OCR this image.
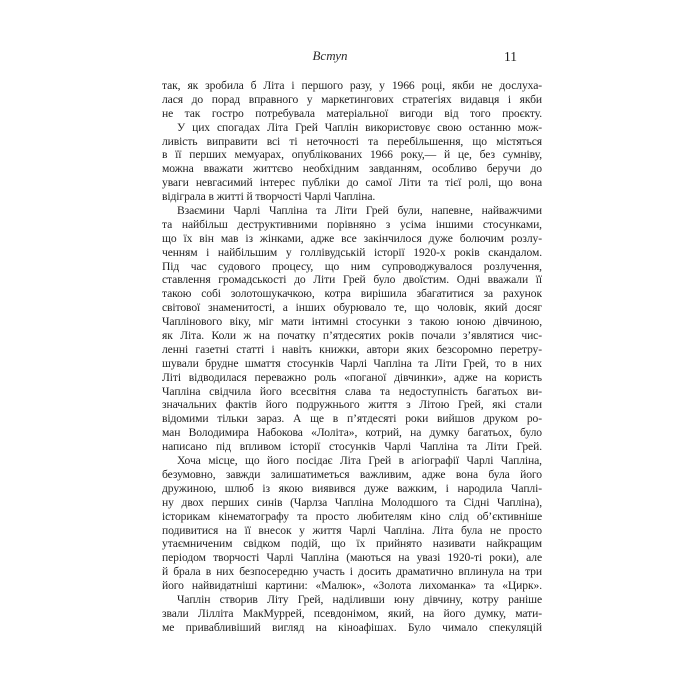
Вступ	11
так, як зробила б Літа і першого разу, у 1966 році, якби не дослуха-
лася до порад вправного у маркетингових стратегіях видавця і якби
не так гостро потребувала матеріальної вигоди від того проєкту.
У цих спогадах Літа Грей Чаплін використовує свою останню мож-
ливість виправити всі ті неточності та перебільшення, що містяться
в її перших мемуарах, опублікованих 1966 року,— й це, без сумніву,
можна вважати життєво необхідним завданням, особливо беручи до
уваги невгасимий інтерес публіки до самої Літи та тієї ролі, що вона
відіграла в житті й творчості Чарлі Чапліна.
Взаємини Чарлі Чапліна та Літи Грей були, напевне, найважчими
та найбільш деструктивними порівняно з усіма іншими стосунками,
що їх він мав із жінками, адже все закінчилося дуже болючим розлу-
ченням і найбільшим у голлівудській історії 1920-х років скандалом.
Під час судового процесу, що ним супроводжувалося розлучення,
ставлення громадськості до Літи Грей було двоїстим. Одні вважали її
такою собі золотошукачкою, котра вирішила збагатитися за рахунок
світової знаменитості, а інших обурювало те, що чоловік, який досяг
Чаплінового віку, міг мати інтимні стосунки з такою юною дівчиною,
як Літа. Коли ж на початку п’ятдесятих років почали з’являтися чис-
ленні газетні статті і навіть книжки, автори яких безсоромно перетру-
шували брудне шмаття стосунків Чарлі Чапліна та Літи Грей, то в них
Літі відводилася переважно роль «поганої дівчинки», адже на користь
Чапліна свідчила його всесвітня слава та недоступність багатьох ви-
значальних фактів його подружнього життя з Літою Грей, які стали
відомими тільки зараз. А ще в п’ятдесяті роки вийшов друком ро-
ман Володимира Набокова «Лоліта», котрий, на думку багатьох, було
написано під впливом історії стосунків Чарлі Чапліна та Літи Грей.
Хоча місце, що його посідає Літа Грей в агіографії Чарлі Чапліна,
безумовно, завжди залишатиметься важливим, адже вона була його
дружиною, шлюб із якою виявився дуже важким, і народила Чаплі-
ну двох перших синів (Чарлза Чапліна Молодшого та Сідні Чапліна),
історикам кінематографу та просто любителям кіно слід об’єктивніше
подивитися на її внесок у життя Чарлі Чапліна. Літа була не просто
утаємниченим свідком подій, що їх прийнято називати найкращим
періодом творчості Чарлі Чапліна (маються на увазі 1920-ті роки), але
й брала в них безпосередню участь і досить драматично вплинула на три
його найвидатніші картини: «Малюк», «Золота лихоманка» та «Цирк».
Чаплін створив Літу Грей, наділивши юну дівчину, котру раніше
звали Лілліта МакМуррей, псевдонімом, який, на його думку, мати-
ме привабливіший вигляд на кіноафішах. Було чимало спекуляцій
